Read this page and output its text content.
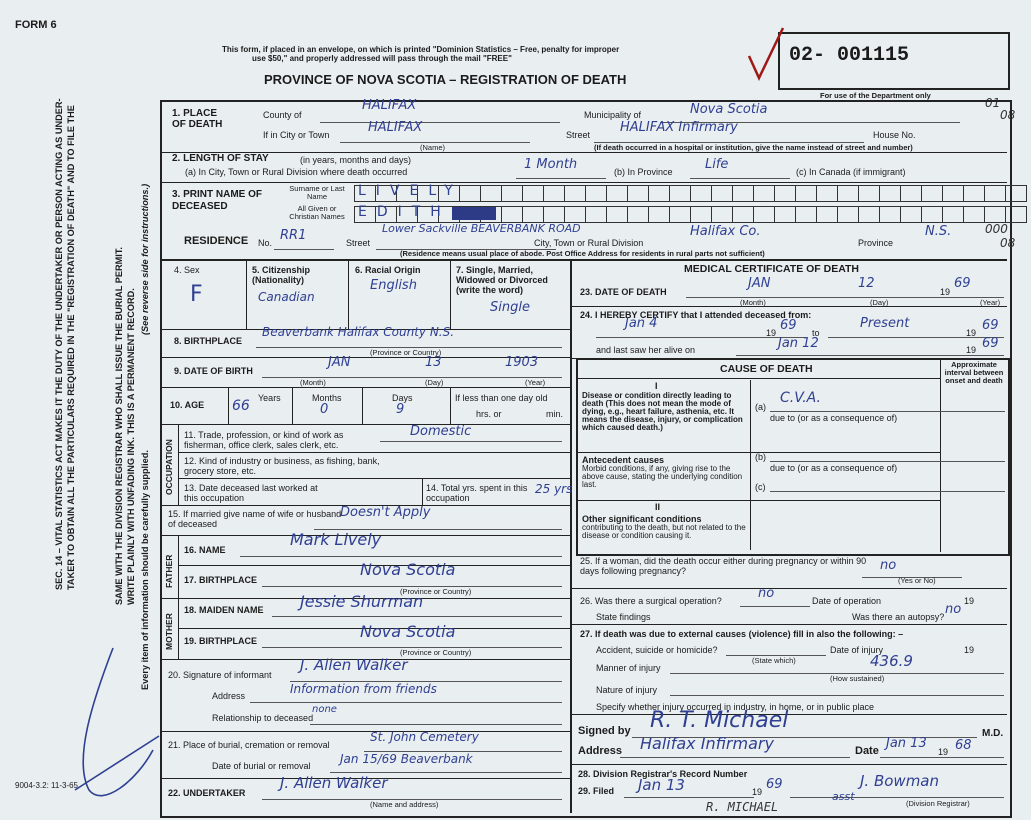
FORM 6
This form, if placed in an envelope, on which is printed "Dominion Statistics – Free, penalty for improper
use $50," and properly addressed will pass through the mail "FREE"
PROVINCE OF NOVA SCOTIA – REGISTRATION OF DEATH
02- 001115
For use of the Department only
01
08
SEC. 14 – VITAL STATISTICS ACT MAKES IT THE DUTY OF THE UNDERTAKER OR PERSON ACTING AS UNDER- TAKER TO OBTAIN ALL THE PARTICULARS REQUIRED IN THE "REGISTRATION OF DEATH" AND TO FILE THE	SAME WITH THE DIVISION REGISTRAR WHO SHALL ISSUE THE BURIAL PERMIT. WRITE PLAINLY WITH UNFADING INK. THIS IS A PERMANENT RECORD.
(See reverse side for instructions.)
Every item of information should be carefully supplied.
9004-3.2: 11-3-65
1. PLACE OF DEATH
County of
HALIFAX
Municipality of	Nova Scotia
If in City or Town	HALIFAX
(Name)
Street HALIFAX Infirmary	House No.
(If death occurred in a hospital or institution, give the name instead of street and number)
2. LENGTH OF STAY	(in years, months and days)
(a) In City, Town or Rural Division where death occurred	1 Month	(b) In Province Life	(c) In Canada (if immigrant)
3. PRINT NAME OF DECEASED
Surname or Last Name	LIVELY
All Given or Christian Names EDITH
RESIDENCE No. RR1	Street
Lower Sackville BEAVERBANK ROAD
City, Town or Rural Division
Halifax Co.
Province
N.S.	000
08
(Residence means usual place of abode. Post Office Address for residents in rural parts not sufficient)
4. Sex
F
5. Citizenship (Nationality)
Canadian
6. Racial Origin
English
7. Single, Married, Widowed or Divorced (write the word)
Single
8. BIRTHPLACE
Beaverbank Halifax County N.S.
(Province or Country)
9. DATE OF BIRTH
JAN	13	1903
(Month)	(Day)	(Year)
10. AGE
Years
66	Months
0
Days
9
If less than one day old
hrs. or	min.
OCCUPATION
11. Trade, profession, or kind of work as fisherman, office clerk, sales clerk, etc.
Domestic
12. Kind of industry or business, as fishing, bank, grocery store, etc.
13. Date deceased last worked at this occupation
14. Total yrs. spent in this occupation
25 yrs
15. If married give name of wife or husband of deceased
Doesn't Apply
FATHER
16. NAME
Mark Lively
17. BIRTHPLACE
Nova Scotia
(Province or Country)
MOTHER
18. MAIDEN NAME Jessie Shurman
19. BIRTHPLACE	Nova Scotia
(Province or Country)
20. Signature of informant
J. Allen Walker
Address	Information from friends
Relationship to deceased
none
21. Place of burial, cremation or removal
St. John Cemetery
Date of burial or removal Jan 15/69 Beaverbank
22. UNDERTAKER
J. Allen Walker
(Name and address)
MEDICAL CERTIFICATE OF DEATH
23. DATE OF DEATH
JAN	12
19
69
(Month)	(Day)	(Year)
24. I HEREBY CERTIFY that I attended deceased from:
Jan 4
19 69 to
Present
19 69
and last saw her alive on	Jan 12	19 69
CAUSE OF DEATH	Approximate interval between onset and death
I
Disease or condition directly leading to death (This does not mean the mode of dying, e.g., heart failure, asthenia, etc. It means the disease, injury, or complication which caused death.)
(a)
C.V.A.
due to (or as a consequence of)
Antecedent causes
Morbid conditions, if any, giving rise to the above cause, stating the underlying condition last.
(b)
due to (or as a consequence of)
(c)
II
Other significant conditions
contributing to the death, but not related to the disease or condition causing it.
25. If a woman, did the death occur either during pregnancy or within 90 days following pregnancy?	no
(Yes or No)
26. Was there a surgical operation?	no	Date of operation	19
State findings	Was there an autopsy? no
27. If death was due to external causes (violence) fill in also the following: –
Accident, suicide or homicide?
(State which)
Date of injury	19
Manner of injury	436.9
(How sustained)
Nature of injury
Specify whether injury occurred in industry, in home, or in public place
Signed by R. T. Michael
M.D.
Address Halifax Infirmary	Date Jan 13
19 68
28. Division Registrar's Record Number
29. Filed Jan 13	19 69	J. Bowman
asst
(Division Registrar)
R. MICHAEL
